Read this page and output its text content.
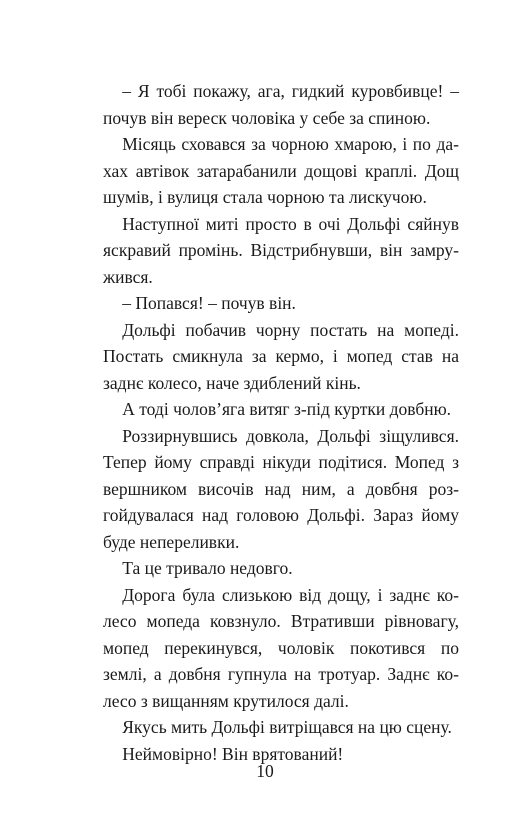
– Я тобі покажу, ага, гидкий куровбивце! – почув він вереск чоловіка у себе за спиною.

Місяць сховався за чорною хмарою, і по дахах автівок затарабанили дощові краплі. Дощ шумів, і вулиця стала чорною та лискучою.

Наступної миті просто в очі Дольфі сяйнув яскравий промінь. Відстрибнувши, він замружився.

– Попався! – почув він.

Дольфі побачив чорну постать на мопеді. Постать смикнула за кермо, і мопед став на заднє колесо, наче здиблений кінь.

А тоді чолов’яга витяг з-під куртки довбню.

Роззирнувшись довкола, Дольфі зіщулився. Тепер йому справді нікуди подітися. Мопед з вершником височів над ним, а довбня розгойдувалася над головою Дольфі. Зараз йому буде непереливки.

Та це тривало недовго.

Дорога була слизькою від дощу, і заднє колесо мопеда ковзнуло. Втративши рівновагу, мопед перекинувся, чоловік покотився по землі, а довбня гупнула на тротуар. Заднє колесо з вищанням крутилося далі.

Якусь мить Дольфі витріщався на цю сцену.

Неймовірно! Він врятований!

10
